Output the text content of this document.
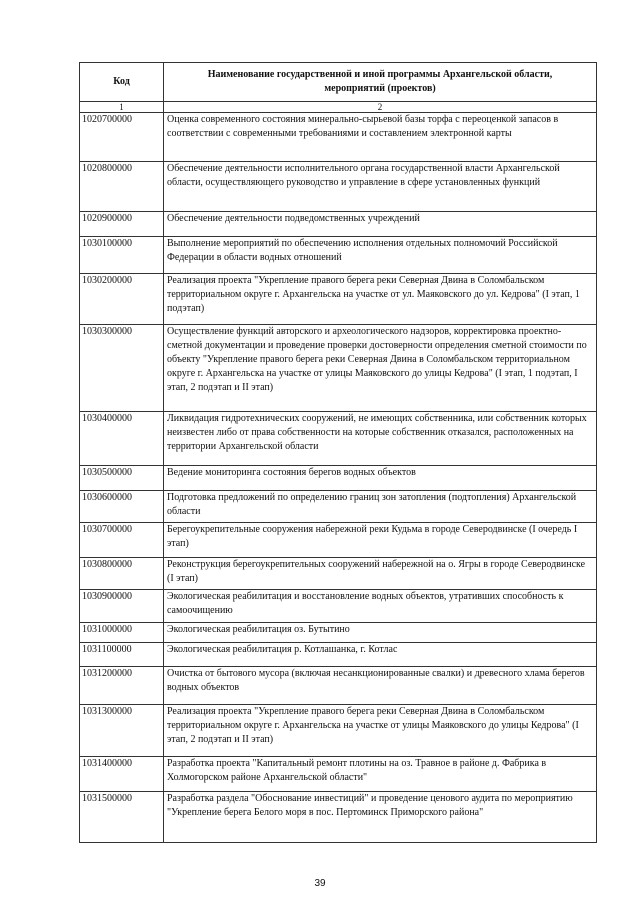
Код	Наименование государственной и иной программы Архангельской области, мероприятий (проектов)
1	2
1020700000	Оценка современного состояния минерально-сырьевой базы торфа с переоценкой запасов в соответствии с современными требованиями и составлением электронной карты
1020800000	Обеспечение деятельности исполнительного органа государственной власти Архангельской области, осуществляющего руководство и управление в сфере установленных функций
1020900000	Обеспечение деятельности подведомственных учреждений
1030100000	Выполнение мероприятий по обеспечению исполнения отдельных полномочий Российской Федерации в области водных отношений
1030200000	Реализация проекта "Укрепление правого берега реки Северная Двина в Соломбальском территориальном округе г. Архангельска на участке от ул. Маяковского до ул. Кедрова" (I этап, 1 подэтап)
1030300000	Осуществление функций авторского и археологического надзоров, корректировка проектно-сметной документации и проведение проверки достоверности определения сметной стоимости по объекту "Укрепление правого берега реки Северная Двина в Соломбальском территориальном округе г. Архангельска на участке от улицы Маяковского до улицы Кедрова" (I этап, 1 подэтап, I этап, 2 подэтап и II этап)
1030400000	Ликвидация гидротехнических сооружений, не имеющих собственника, или собственник которых неизвестен либо от права собственности на которые собственник отказался, расположенных на территории Архангельской области
1030500000	Ведение мониторинга состояния берегов водных объектов
1030600000	Подготовка предложений по определению границ зон затопления (подтопления) Архангельской области
1030700000	Берегоукрепительные сооружения набережной реки Кудьма в городе Северодвинске (I очередь I этап)
1030800000	Реконструкция берегоукрепительных сооружений набережной на о. Ягры в городе Северодвинске (I этап)
1030900000	Экологическая реабилитация и восстановление водных объектов, утративших способность к самоочищению
1031000000	Экологическая реабилитация оз. Бутытино
1031100000	Экологическая реабилитация р. Котлашанка, г. Котлас
1031200000	Очистка от бытового мусора (включая несанкционированные свалки) и древесного хлама берегов водных объектов
1031300000	Реализация проекта "Укрепление правого берега реки Северная Двина в Соломбальском территориальном округе г. Архангельска на участке от улицы Маяковского до улицы Кедрова" (I этап, 2 подэтап и II этап)
1031400000	Разработка проекта "Капитальный ремонт плотины на оз. Травное в районе д. Фабрика в Холмогорском районе Архангельской области"
1031500000	Разработка раздела "Обоснование инвестиций" и проведение ценового аудита по мероприятию "Укрепление берега Белого моря в пос. Пертоминск Приморского района"
39
